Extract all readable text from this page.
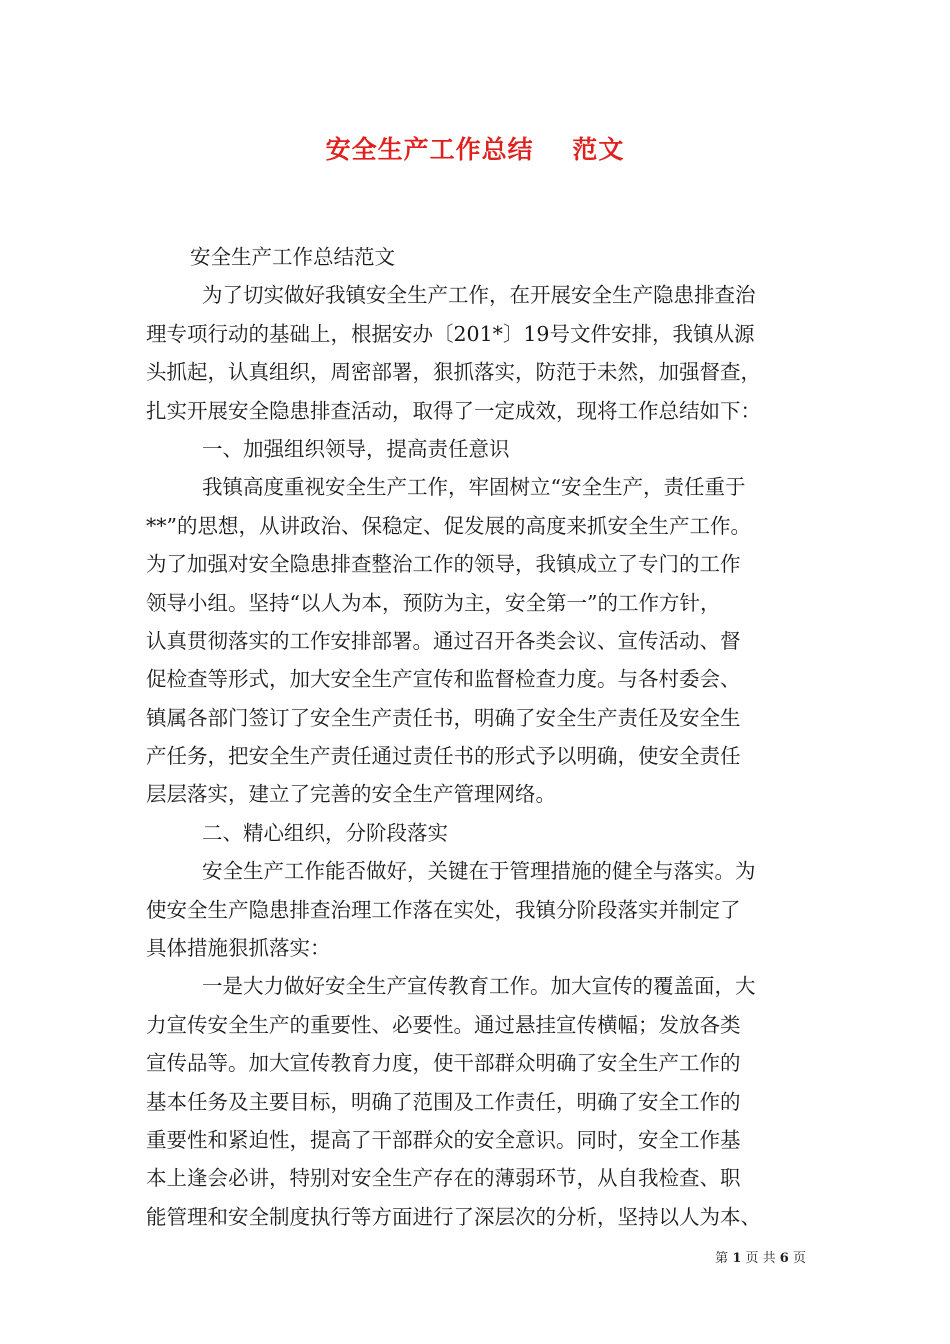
安全生产工作总结    范文
安全生产工作总结范文
为了切实做好我镇安全生产工作，在开展安全生产隐患排查治
理专项行动的基础上，根据安办〔201*〕19号文件安排，我镇从源
头抓起，认真组织，周密部署，狠抓落实，防范于未然，加强督查，
扎实开展安全隐患排查活动，取得了一定成效，现将工作总结如下：
一、加强组织领导，提高责任意识
我镇高度重视安全生产工作，牢固树立“安全生产，责任重于
**”的思想，从讲政治、保稳定、促发展的高度来抓安全生产工作。
为了加强对安全隐患排查整治工作的领导，我镇成立了专门的工作
领导小组。坚持“以人为本，预防为主，安全第一”的工作方针，
认真贯彻落实的工作安排部署。通过召开各类会议、宣传活动、督
促检查等形式，加大安全生产宣传和监督检查力度。与各村委会、
镇属各部门签订了安全生产责任书，明确了安全生产责任及安全生
产任务，把安全生产责任通过责任书的形式予以明确，使安全责任
层层落实，建立了完善的安全生产管理网络。
二、精心组织，分阶段落实
安全生产工作能否做好，关键在于管理措施的健全与落实。为
使安全生产隐患排查治理工作落在实处，我镇分阶段落实并制定了
具体措施狠抓落实：
一是大力做好安全生产宣传教育工作。加大宣传的覆盖面，大
力宣传安全生产的重要性、必要性。通过悬挂宣传横幅；发放各类
宣传品等。加大宣传教育力度，使干部群众明确了安全生产工作的
基本任务及主要目标，明确了范围及工作责任，明确了安全工作的
重要性和紧迫性，提高了干部群众的安全意识。同时，安全工作基
本上逢会必讲，特别对安全生产存在的薄弱环节，从自我检查、职
能管理和安全制度执行等方面进行了深层次的分析，坚持以人为本、
第 1 页 共 6 页
